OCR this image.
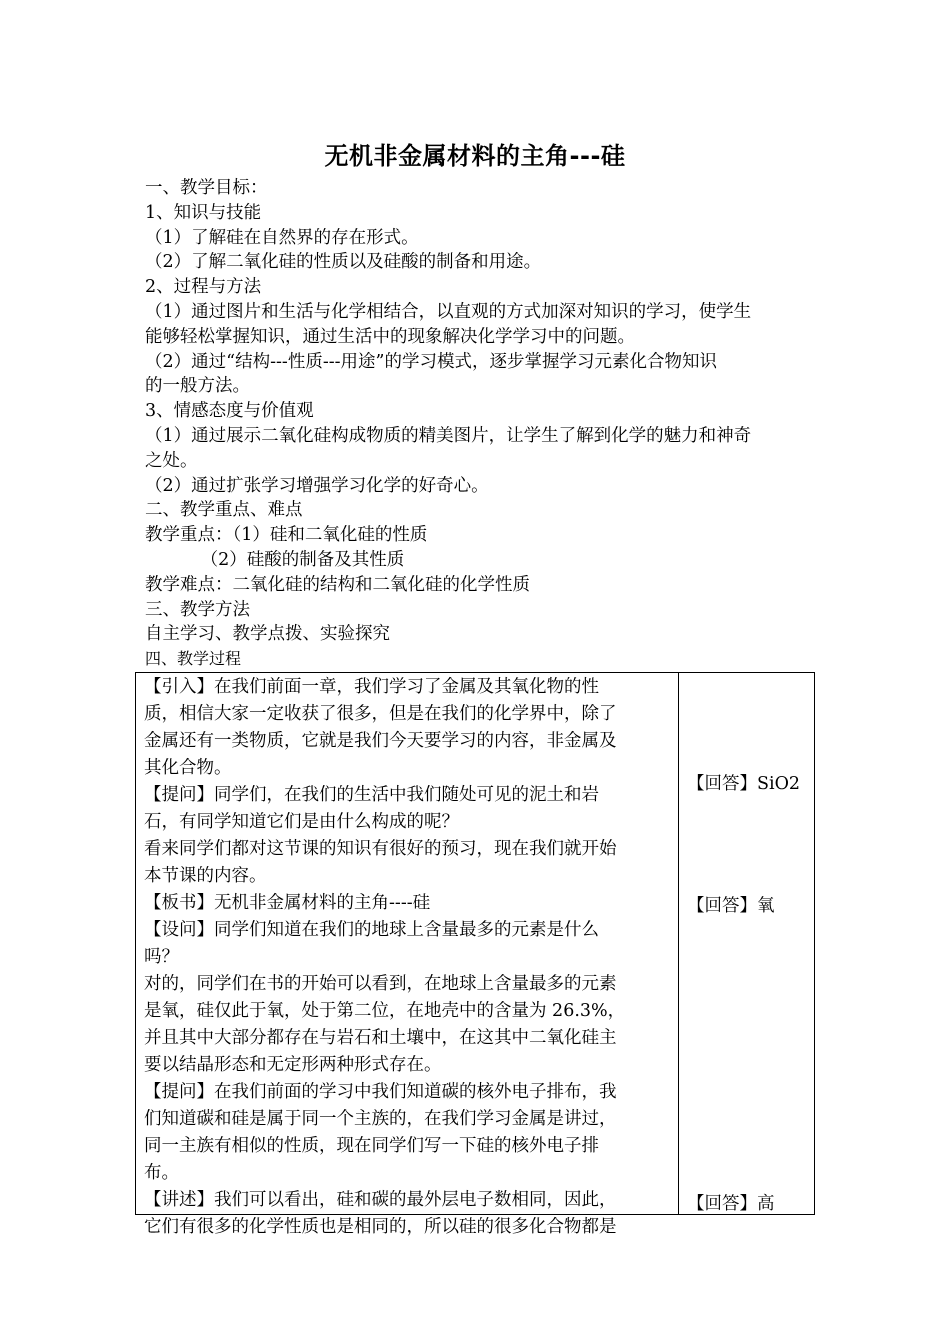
无机非金属材料的主角---硅

一、教学目标：

1、知识与技能

（1）了解硅在自然界的存在形式。

（2）了解二氧化硅的性质以及硅酸的制备和用途。

2、过程与方法

（1）通过图片和生活与化学相结合，以直观的方式加深对知识的学习，使学生

能够轻松掌握知识，通过生活中的现象解决化学学习中的问题。

（2）通过“结构---性质---用途”的学习模式，逐步掌握学习元素化合物知识

的一般方法。

3、情感态度与价值观

（1）通过展示二氧化硅构成物质的精美图片，让学生了解到化学的魅力和神奇

之处。

（2）通过扩张学习增强学习化学的好奇心。

二、教学重点、难点

教学重点：（1）硅和二氧化硅的性质

（2）硅酸的制备及其性质

教学难点：二氧化硅的结构和二氧化硅的化学性质

三、教学方法

自主学习、教学点拨、实验探究

四、教学过程

【引入】在我们前面一章，我们学习了金属及其氧化物的性

质，相信大家一定收获了很多，但是在我们的化学界中，除了

金属还有一类物质，它就是我们今天要学习的内容，非金属及

其化合物。

【提问】同学们，在我们的生活中我们随处可见的泥土和岩

石，有同学知道它们是由什么构成的呢？

看来同学们都对这节课的知识有很好的预习，现在我们就开始

本节课的内容。

【板书】无机非金属材料的主角----硅

【设问】同学们知道在我们的地球上含量最多的元素是什么

吗？

对的，同学们在书的开始可以看到，在地球上含量最多的元素

是氧，硅仅此于氧，处于第二位，在地壳中的含量为 26.3%，

并且其中大部分都存在与岩石和土壤中，在这其中二氧化硅主

要以结晶形态和无定形两种形式存在。

【提问】在我们前面的学习中我们知道碳的核外电子排布，我

们知道碳和硅是属于同一个主族的，在我们学习金属是讲过，

同一主族有相似的性质，现在同学们写一下硅的核外电子排

布。

【讲述】我们可以看出，硅和碳的最外层电子数相同，因此，

它们有很多的化学性质也是相同的，所以硅的很多化合物都是

【回答】SiO2
【回答】氧
【回答】高
